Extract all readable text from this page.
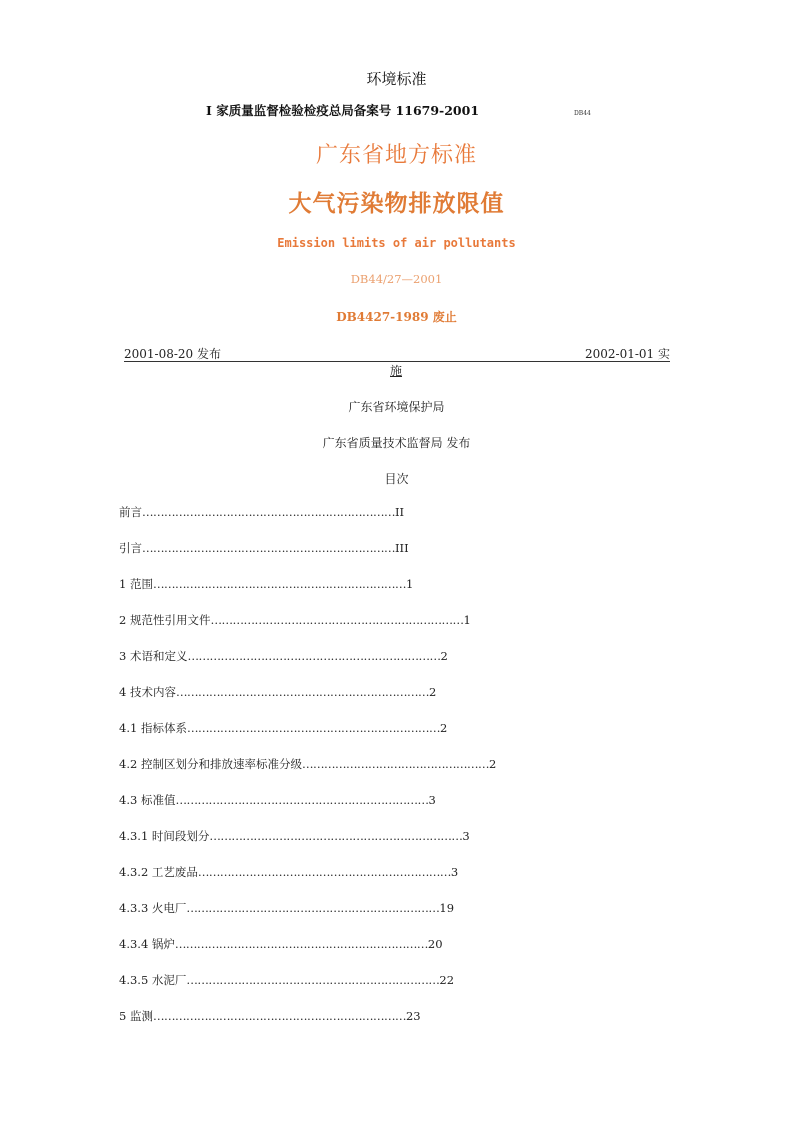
环境标准
I 家质量监督检验检疫总局备案号 11679-2001	DB44
广东省地方标准
大气污染物排放限值
Emission limits of air pollutants
DB44/27—2001
DB4427-1989 废止
2001-08-20 发布	2002-01-01 实
施
广东省环境保护局
广东省质量技术监督局 发布
目次
前言……………………………………………………………II
引言……………………………………………………………III
1 范围……………………………………………………………1
2 规范性引用文件……………………………………………………………1
3 术语和定义……………………………………………………………2
4 技术内容……………………………………………………………2
4.1 指标体系……………………………………………………………2
4.2 控制区划分和排放速率标准分级……………………………………………2
4.3 标准值……………………………………………………………3
4.3.1 时间段划分……………………………………………………………3
4.3.2 工艺废品……………………………………………………………3
4.3.3 火电厂……………………………………………………………19
4.3.4 锅炉……………………………………………………………20
4.3.5 水泥厂……………………………………………………………22
5 监测……………………………………………………………23
